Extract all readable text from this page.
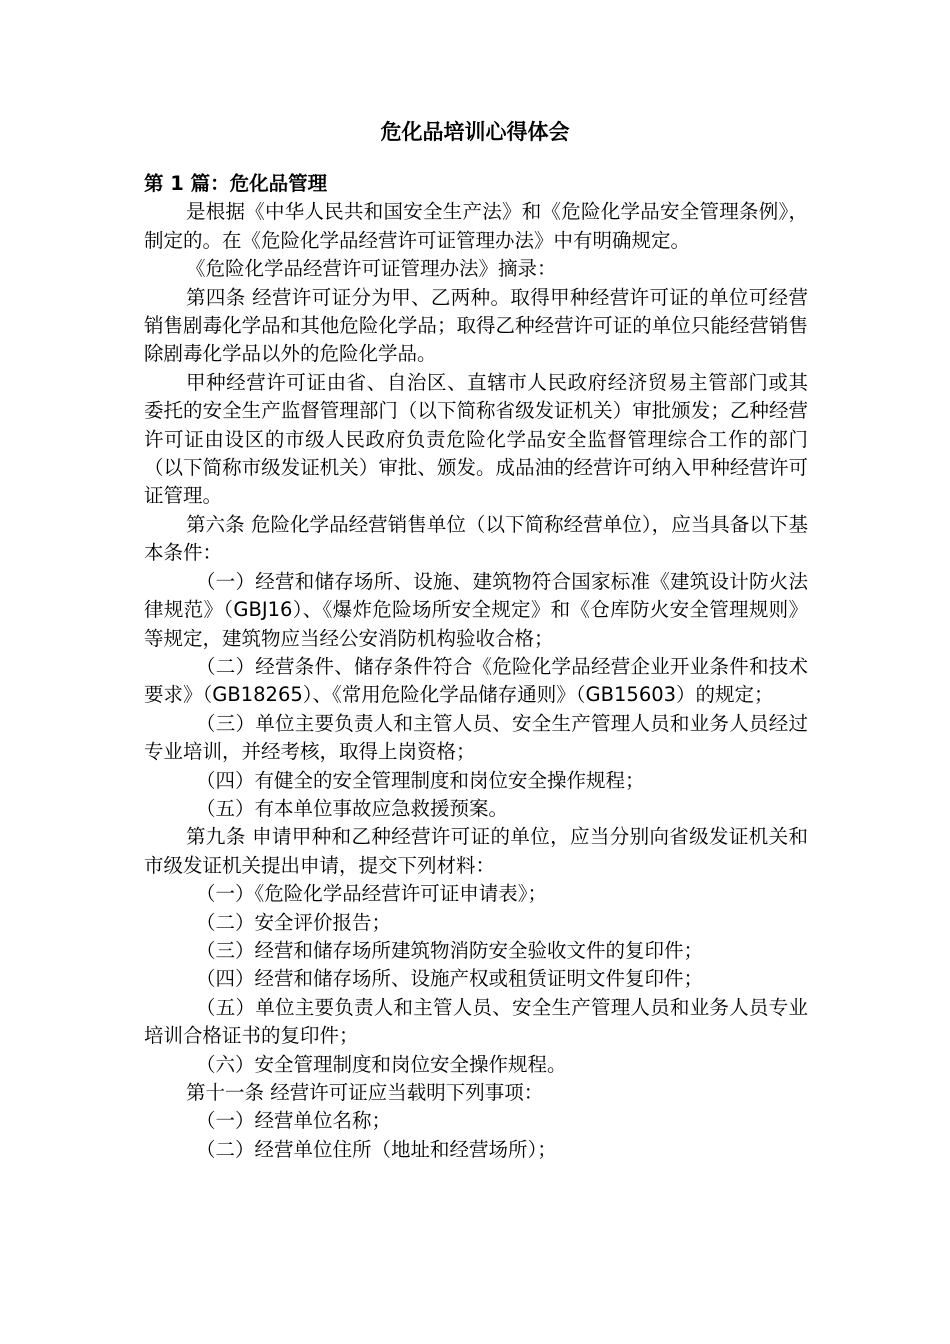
危化品培训心得体会

第 1 篇：危化品管理

是根据《中华人民共和国安全生产法》和《危险化学品安全管理条例》，制定的。在《危险化学品经营许可证管理办法》中有明确规定。

《危险化学品经营许可证管理办法》摘录：

第四条 经营许可证分为甲、乙两种。取得甲种经营许可证的单位可经营销售剧毒化学品和其他危险化学品；取得乙种经营许可证的单位只能经营销售除剧毒化学品以外的危险化学品。

甲种经营许可证由省、自治区、直辖市人民政府经济贸易主管部门或其委托的安全生产监督管理部门（以下简称省级发证机关）审批颁发；乙种经营许可证由设区的市级人民政府负责危险化学品安全监督管理综合工作的部门（以下简称市级发证机关）审批、颁发。成品油的经营许可纳入甲种经营许可证管理。

第六条 危险化学品经营销售单位（以下简称经营单位），应当具备以下基本条件：

（一）经营和储存场所、设施、建筑物符合国家标准《建筑设计防火法律规范》（GBJ16）、《爆炸危险场所安全规定》和《仓库防火安全管理规则》等规定，建筑物应当经公安消防机构验收合格；

（二）经营条件、储存条件符合《危险化学品经营企业开业条件和技术要求》（GB18265）、《常用危险化学品储存通则》（GB15603）的规定；

（三）单位主要负责人和主管人员、安全生产管理人员和业务人员经过专业培训，并经考核，取得上岗资格；

（四）有健全的安全管理制度和岗位安全操作规程；

（五）有本单位事故应急救援预案。

第九条 申请甲种和乙种经营许可证的单位，应当分别向省级发证机关和市级发证机关提出申请，提交下列材料：

（一）《危险化学品经营许可证申请表》；

（二）安全评价报告；

（三）经营和储存场所建筑物消防安全验收文件的复印件；

（四）经营和储存场所、设施产权或租赁证明文件复印件；

（五）单位主要负责人和主管人员、安全生产管理人员和业务人员专业培训合格证书的复印件；

（六）安全管理制度和岗位安全操作规程。

第十一条 经营许可证应当载明下列事项：

（一）经营单位名称；

（二）经营单位住所（地址和经营场所）；
